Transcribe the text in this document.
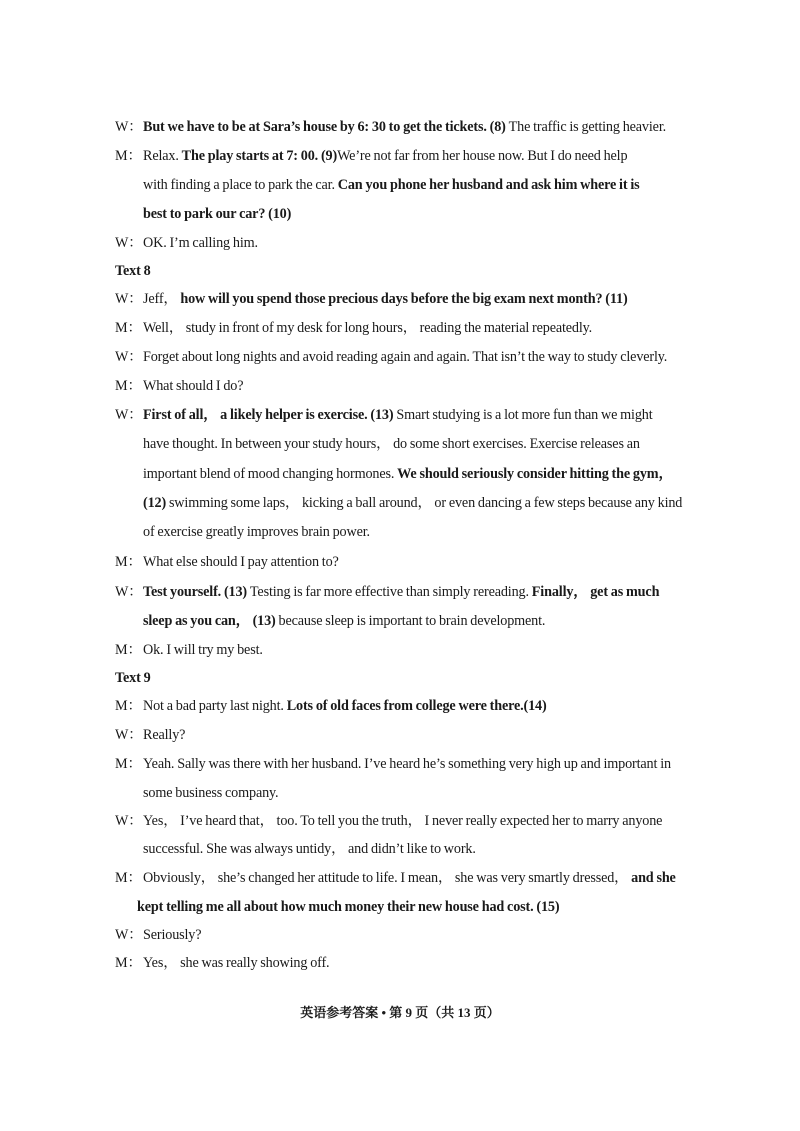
W：But we have to be at Sara’s house by 6: 30 to get the tickets. (8) The traffic is getting heavier.
M：Relax. The play starts at 7: 00. (9)We’re not far from her house now. But I do need help
with finding a place to park the car. Can you phone her husband and ask him where it is
best to park our car? (10)
W：OK. I’m calling him.
Text 8
W：Jeff， how will you spend those precious days before the big exam next month? (11)
M：Well， study in front of my desk for long hours， reading the material repeatedly.
W：Forget about long nights and avoid reading again and again. That isn’t the way to study cleverly.
M：What should I do?
W：First of all， a likely helper is exercise. (13) Smart studying is a lot more fun than we might
have thought. In between your study hours， do some short exercises. Exercise releases an
important blend of mood changing hormones. We should seriously consider hitting the gym，
(12) swimming some laps， kicking a ball around， or even dancing a few steps because any kind
of exercise greatly improves brain power.
M：What else should I pay attention to?
W：Test yourself. (13) Testing is far more effective than simply rereading. Finally， get as much
sleep as you can， (13) because sleep is important to brain development.
M：Ok. I will try my best.
Text 9
M：Not a bad party last night. Lots of old faces from college were there.(14)
W：Really?
M：Yeah. Sally was there with her husband. I’ve heard he’s something very high up and important in
some business company.
W：Yes， I’ve heard that， too. To tell you the truth， I never really expected her to marry anyone
successful. She was always untidy， and didn’t like to work.
M：Obviously， she’s changed her attitude to life. I mean， she was very smartly dressed， and she
kept telling me all about how much money their new house had cost. (15)
W：Seriously?
M：Yes， she was really showing off.
英语参考答案 • 第 9 页（共 13 页）
